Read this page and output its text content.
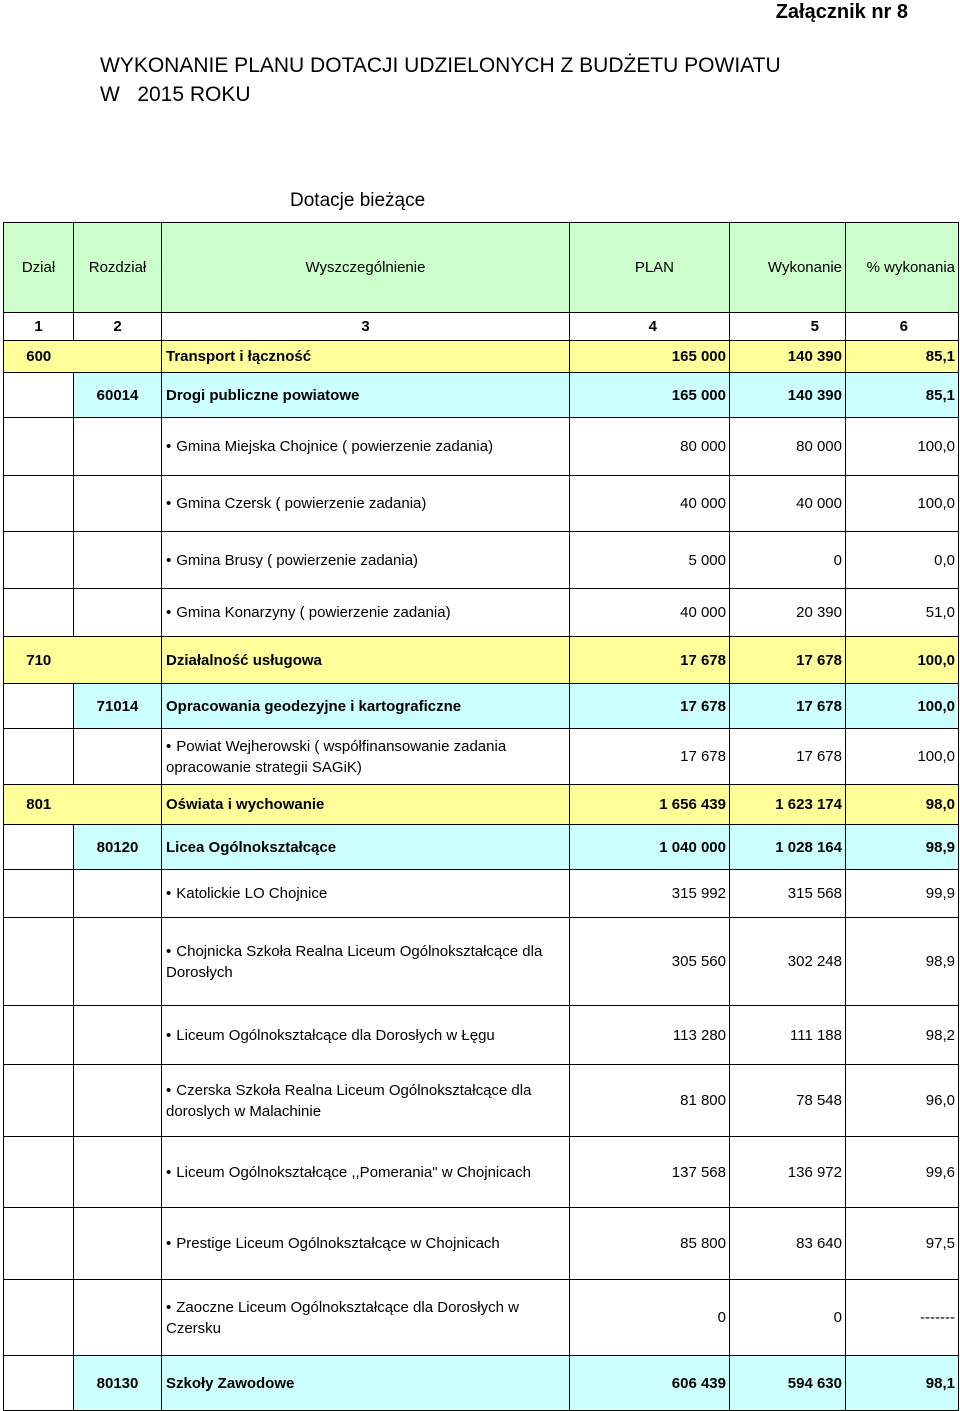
Załącznik nr 8
WYKONANIE PLANU DOTACJI UDZIELONYCH Z BUDŻETU POWIATU
W   2015 ROKU
Dotacje bieżące
Dział	Rozdział	Wyszczególnienie	PLAN	Wykonanie	% wykonania
1	2	3	4	5	6
600		Transport i łączność	165 000	140 390	85,1
	60014	Drogi publiczne powiatowe	165 000	140 390	85,1

		• Gmina Miejska Chojnice ( powierzenie zadania)	80 000	80 000	100,0

		• Gmina Czersk ( powierzenie zadania)	40 000	40 000	100,0

		• Gmina Brusy ( powierzenie zadania)	5 000	0	0,0

		• Gmina Konarzyny ( powierzenie zadania)	40 000	20 390	51,0
710		Działalność usługowa	17 678	17 678	100,0
	71014	Opracowania geodezyjne i kartograficzne	17 678	17 678	100,0

		• Powiat Wejherowski ( współfinansowanie zadania opracowanie strategii SAGiK)	17 678	17 678	100,0
801		Oświata i wychowanie	1 656 439	1 623 174	98,0
	80120	Licea Ogólnokształcące	1 040 000	1 028 164	98,9

		• Katolickie LO Chojnice	315 992	315 568	99,9

		• Chojnicka Szkoła Realna Liceum Ogólnokształcące dla Dorosłych	305 560	302 248	98,9

		• Liceum Ogólnokształcące dla Dorosłych w Łęgu	113 280	111 188	98,2

		• Czerska Szkoła Realna Liceum Ogólnokształcące dla doroslych w Malachinie	81 800	78 548	96,0

		• Liceum Ogólnokształcące ,,Pomerania" w Chojnicach	137 568	136 972	99,6

		• Prestige Liceum Ogólnokształcące w Chojnicach	85 800	83 640	97,5

		• Zaoczne Liceum Ogólnokształcące dla Dorosłych w Czersku	0	0	-------
	80130	Szkoły Zawodowe	606 439	594 630	98,1
